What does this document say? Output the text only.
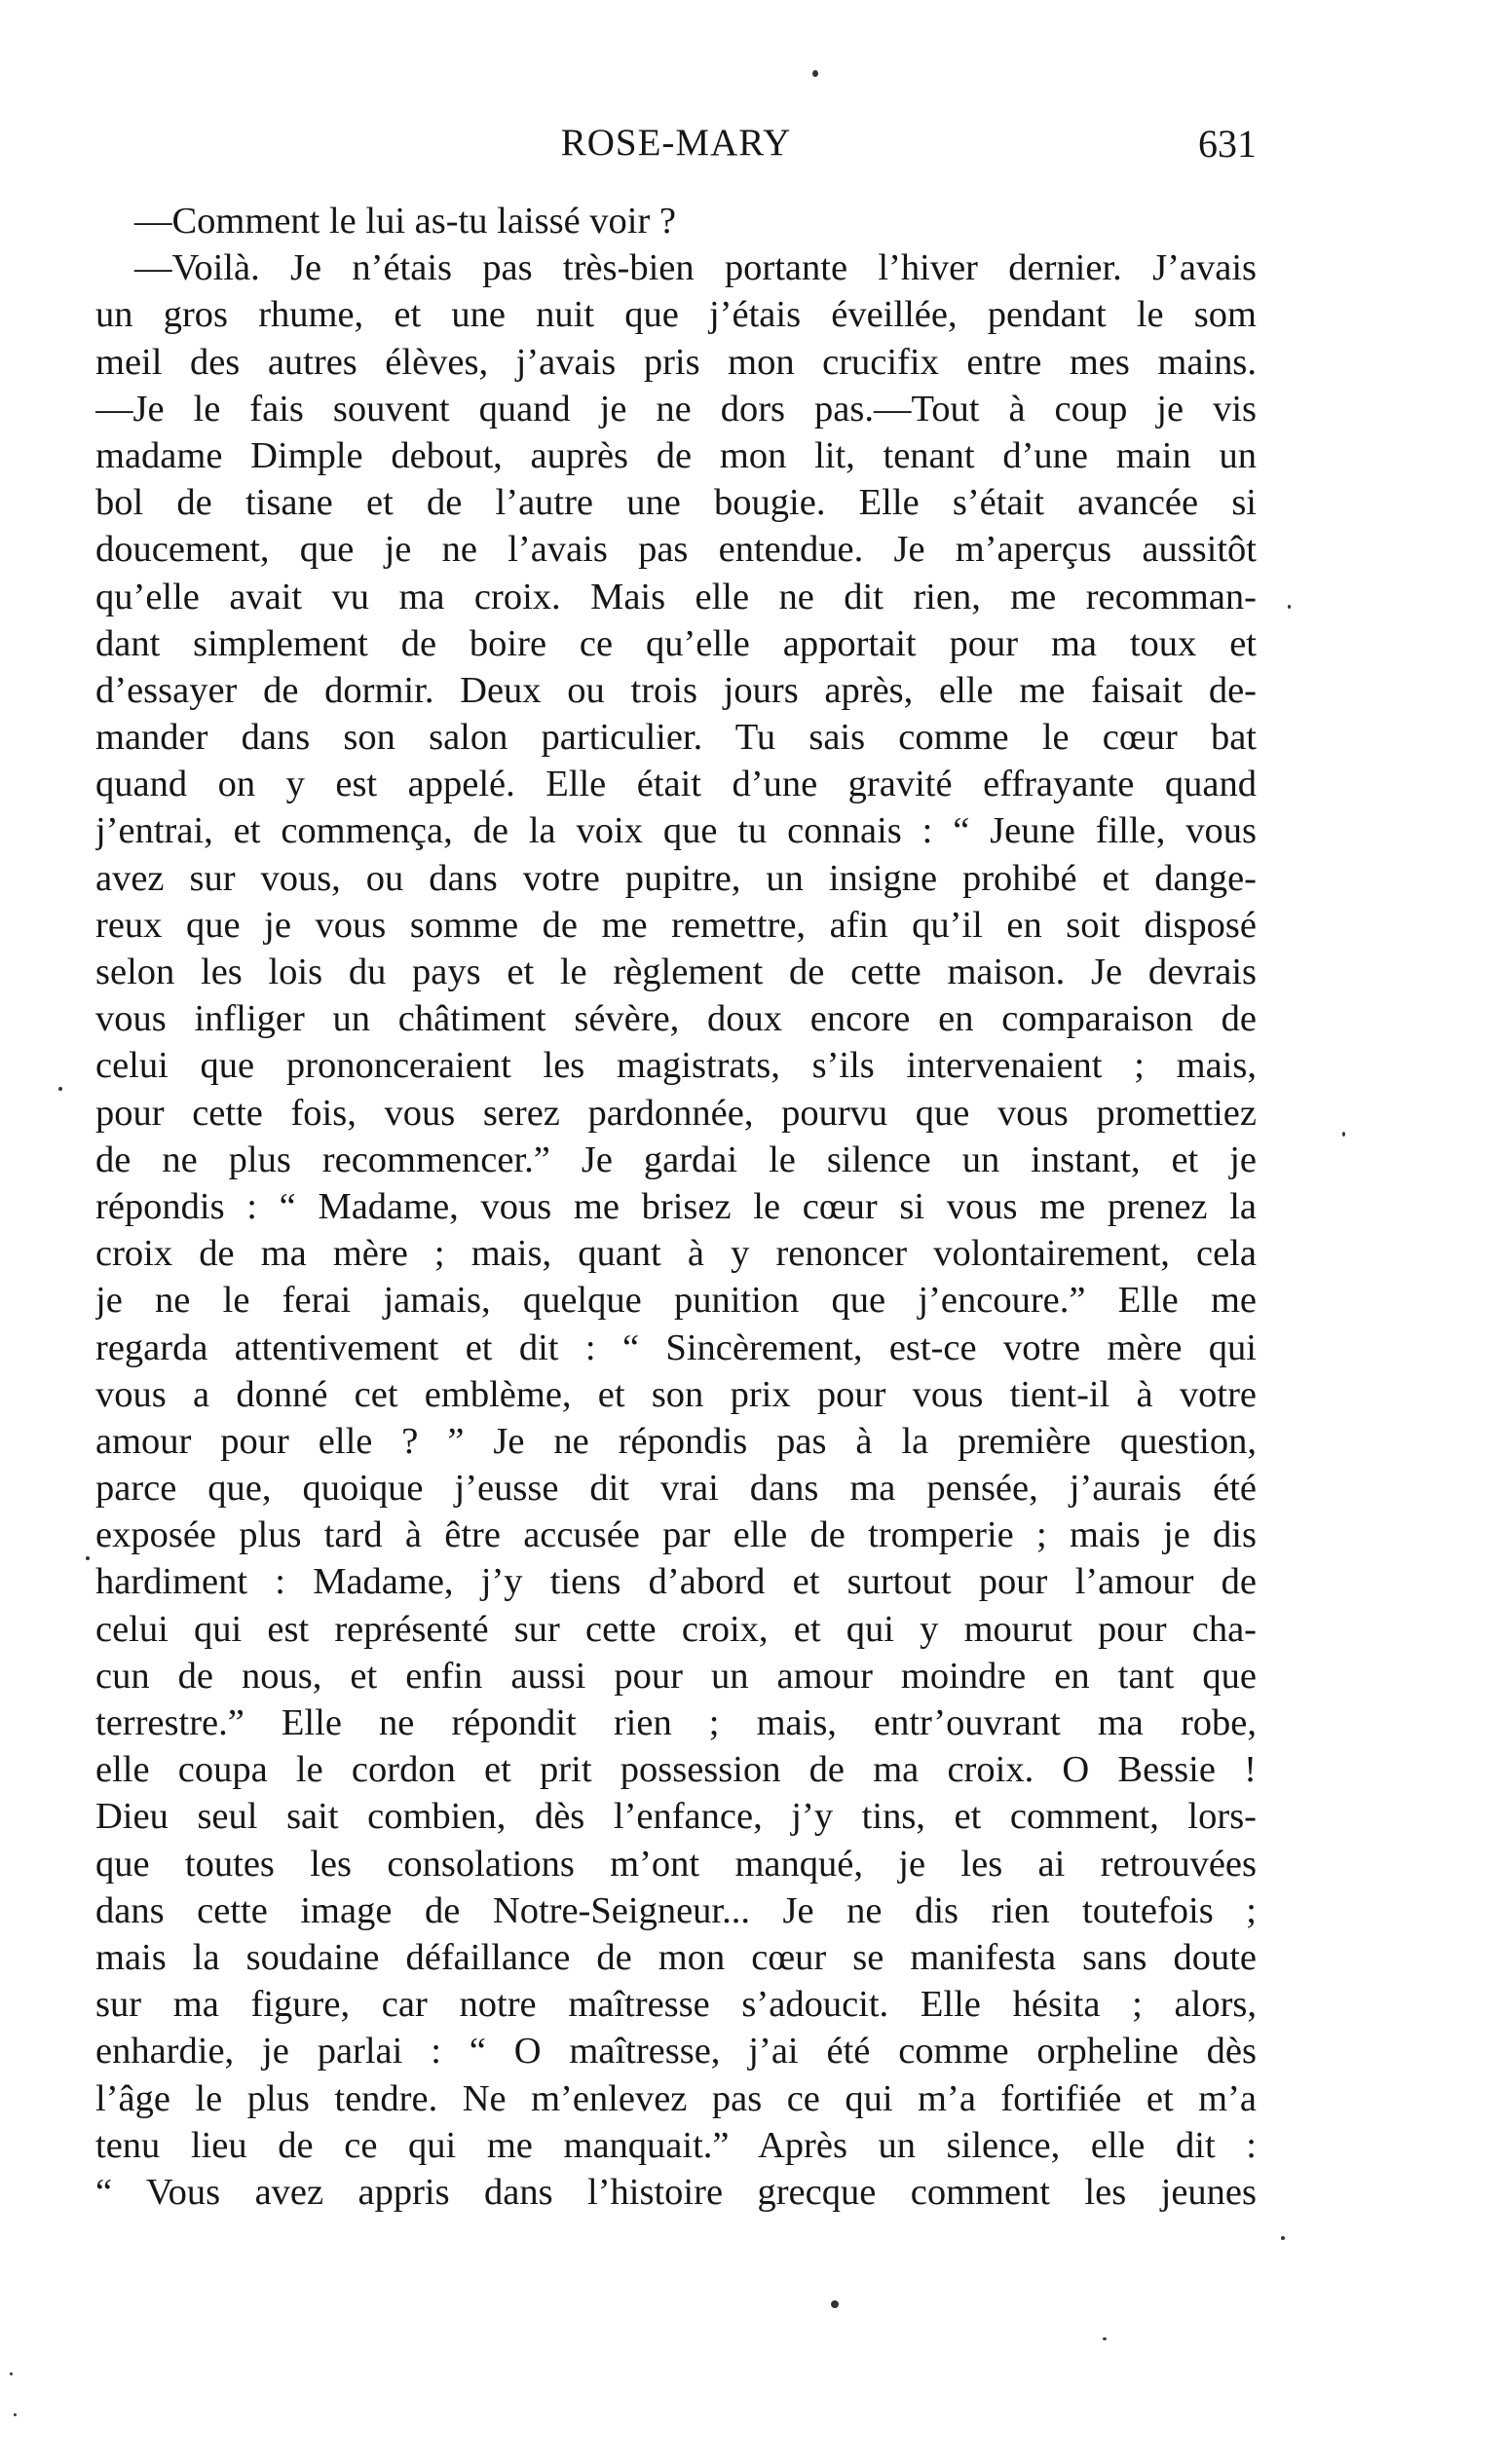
ROSE-MARY	631
—Comment le lui as-tu laissé voir ?
—Voilà. Je n’étais pas très-bien portante l’hiver dernier. J’avais
un gros rhume, et une nuit que j’étais éveillée, pendant le som
meil des autres élèves, j’avais pris mon crucifix entre mes mains.
—Je le fais souvent quand je ne dors pas.—Tout à coup je vis
madame Dimple debout, auprès de mon lit, tenant d’une main un
bol de tisane et de l’autre une bougie. Elle s’était avancée si
doucement, que je ne l’avais pas entendue. Je m’aperçus aussitôt
qu’elle avait vu ma croix. Mais elle ne dit rien, me recomman-
dant simplement de boire ce qu’elle apportait pour ma toux et
d’essayer de dormir. Deux ou trois jours après, elle me faisait de-
mander dans son salon particulier. Tu sais comme le cœur bat
quand on y est appelé. Elle était d’une gravité effrayante quand
j’entrai, et commença, de la voix que tu connais : “ Jeune fille, vous
avez sur vous, ou dans votre pupitre, un insigne prohibé et dange-
reux que je vous somme de me remettre, afin qu’il en soit disposé
selon les lois du pays et le règlement de cette maison. Je devrais
vous infliger un châtiment sévère, doux encore en comparaison de
celui que prononceraient les magistrats, s’ils intervenaient ; mais,
pour cette fois, vous serez pardonnée, pourvu que vous promettiez
de ne plus recommencer.” Je gardai le silence un instant, et je
répondis : “ Madame, vous me brisez le cœur si vous me prenez la
croix de ma mère ; mais, quant à y renoncer volontairement, cela
je ne le ferai jamais, quelque punition que j’encoure.” Elle me
regarda attentivement et dit : “ Sincèrement, est-ce votre mère qui
vous a donné cet emblème, et son prix pour vous tient-il à votre
amour pour elle ? ” Je ne répondis pas à la première question,
parce que, quoique j’eusse dit vrai dans ma pensée, j’aurais été
exposée plus tard à être accusée par elle de tromperie ; mais je dis
hardiment : Madame, j’y tiens d’abord et surtout pour l’amour de
celui qui est représenté sur cette croix, et qui y mourut pour cha-
cun de nous, et enfin aussi pour un amour moindre en tant que
terrestre.” Elle ne répondit rien ; mais, entr’ouvrant ma robe,
elle coupa le cordon et prit possession de ma croix. O Bessie !
Dieu seul sait combien, dès l’enfance, j’y tins, et comment, lors-
que toutes les consolations m’ont manqué, je les ai retrouvées
dans cette image de Notre-Seigneur... Je ne dis rien toutefois ;
mais la soudaine défaillance de mon cœur se manifesta sans doute
sur ma figure, car notre maîtresse s’adoucit. Elle hésita ; alors,
enhardie, je parlai : “ O maîtresse, j’ai été comme orpheline dès
l’âge le plus tendre. Ne m’enlevez pas ce qui m’a fortifiée et m’a
tenu lieu de ce qui me manquait.” Après un silence, elle dit :
“ Vous avez appris dans l’histoire grecque comment les jeunes
